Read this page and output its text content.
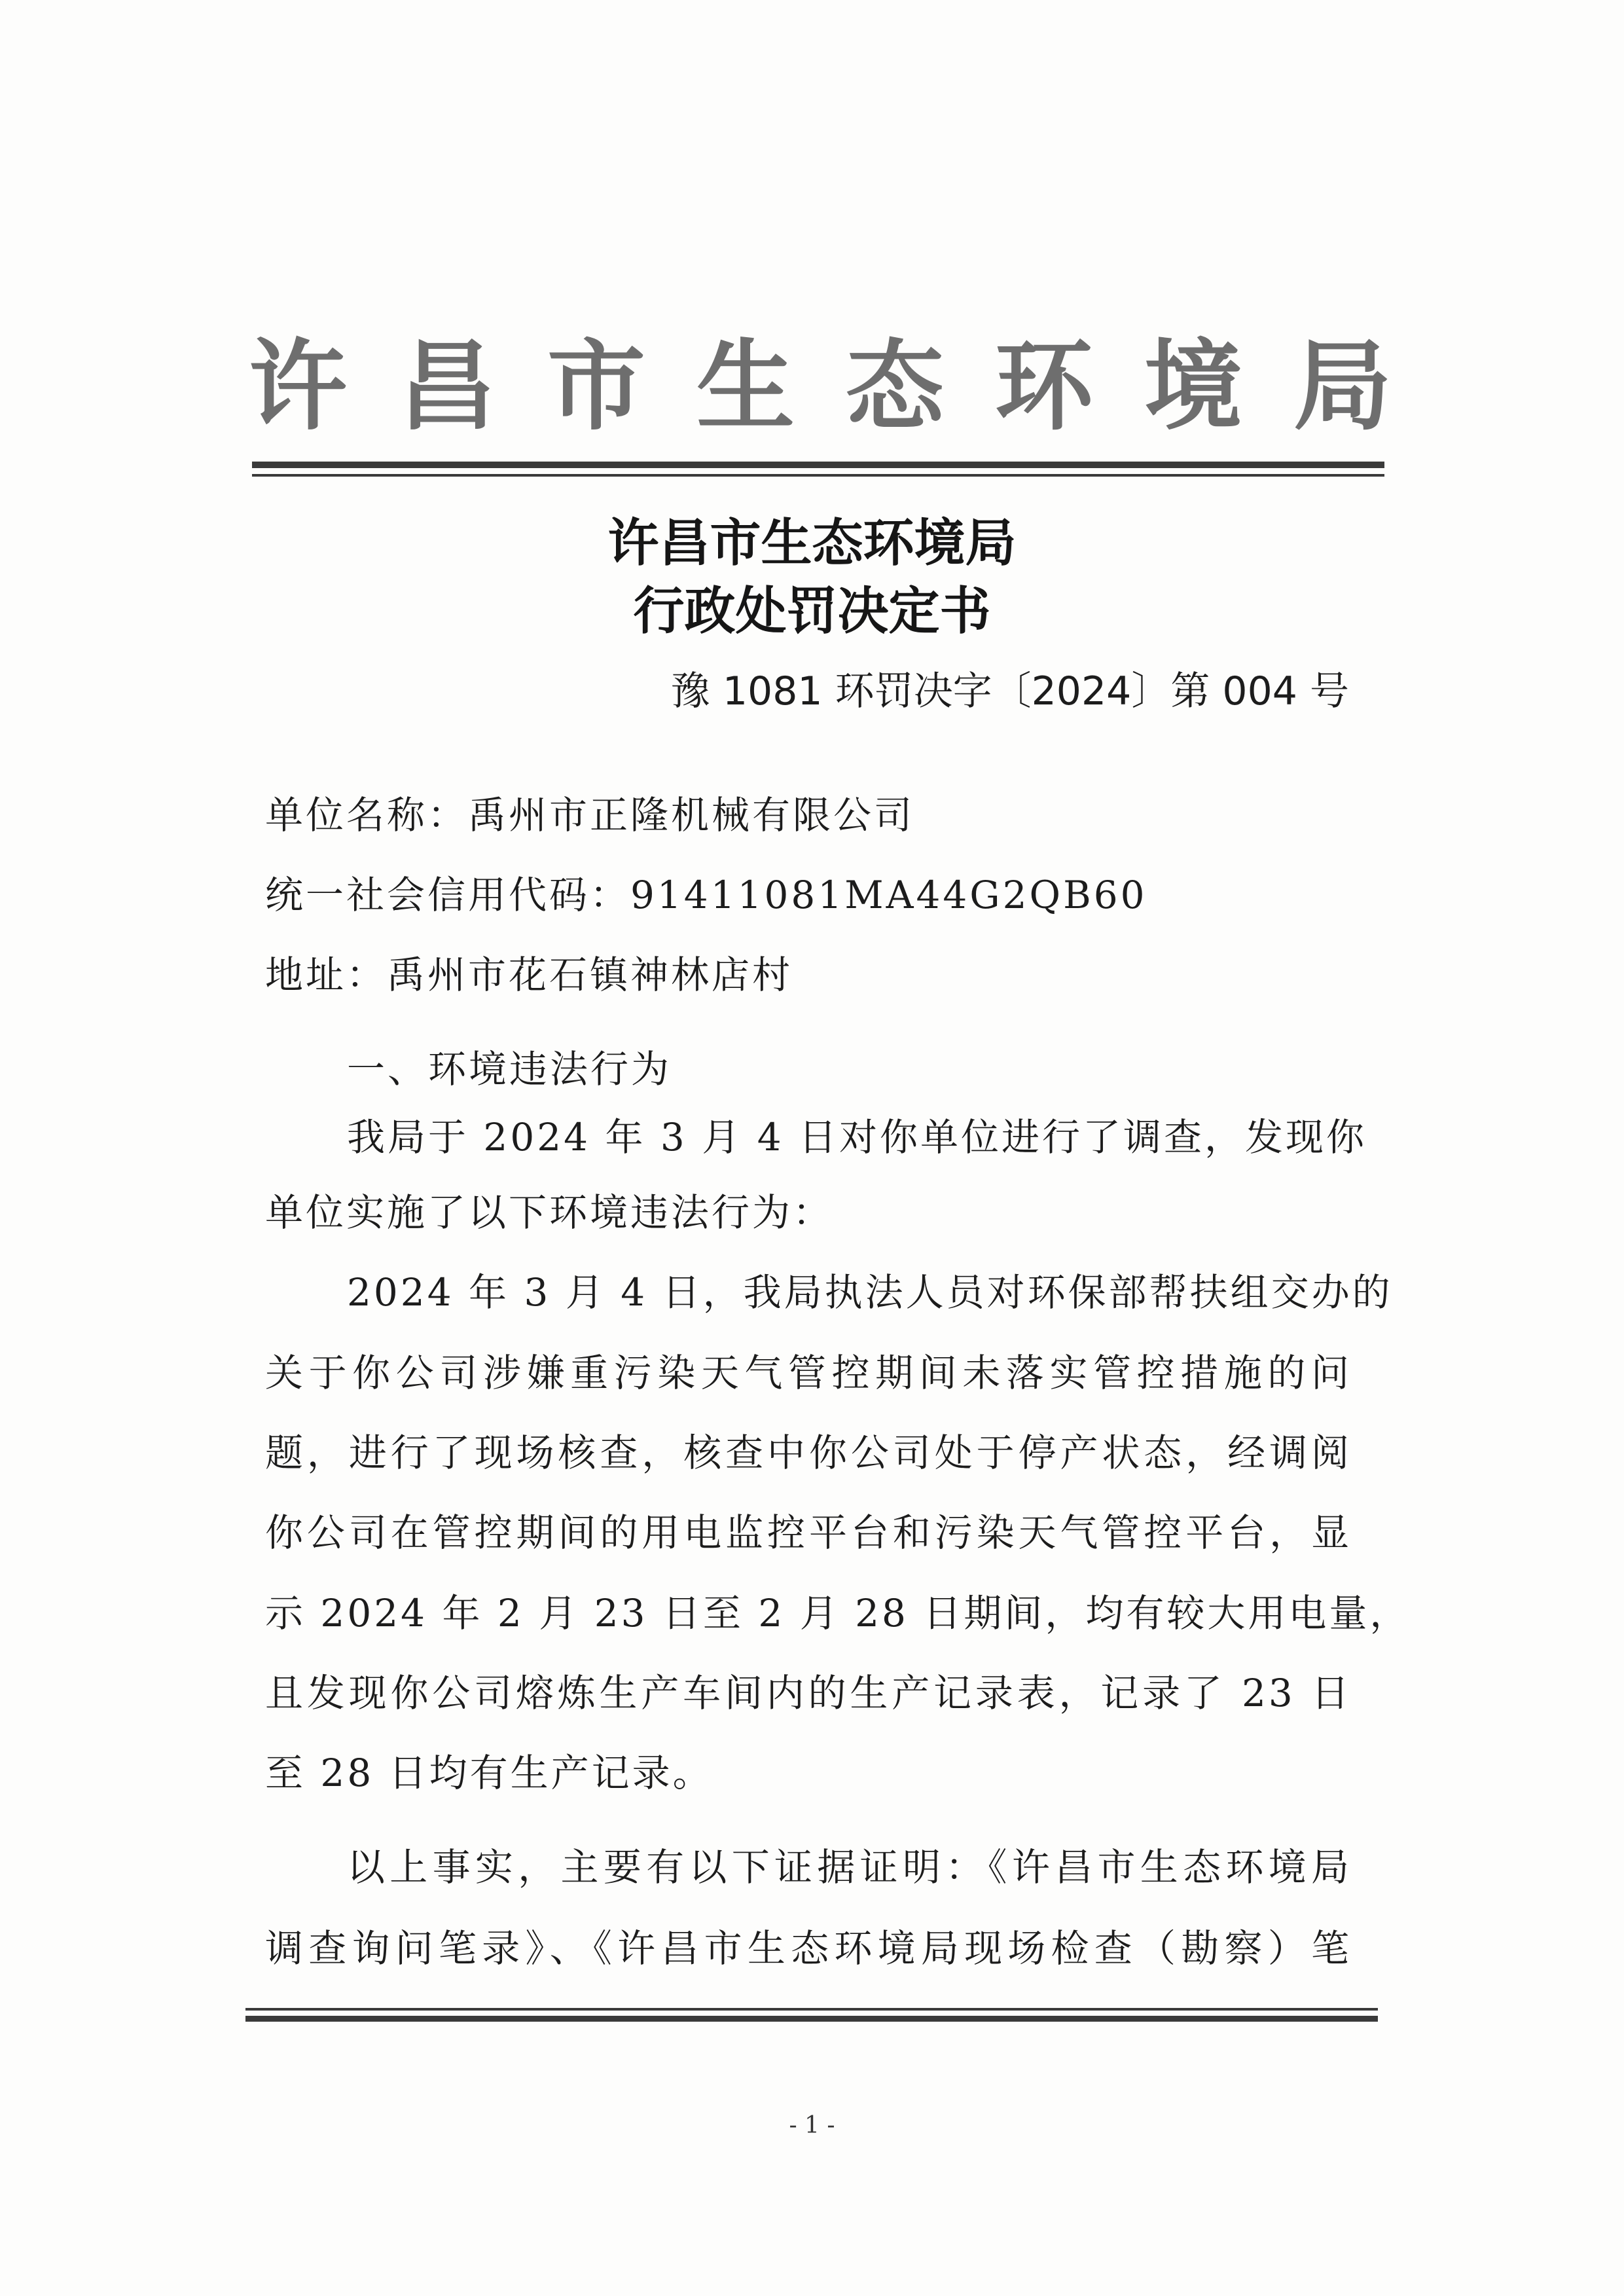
许昌市生态环境局
许昌市生态环境局
行政处罚决定书
豫 1081 环罚决字〔2024〕第 004 号
单位名称：禹州市正隆机械有限公司
统一社会信用代码：91411081MA44G2QB60
地址：禹州市花石镇神林店村
一、环境违法行为
我局于 2024 年 3 月 4 日对你单位进行了调查，发现你
单位实施了以下环境违法行为：
2024 年 3 月 4 日，我局执法人员对环保部帮扶组交办的
关于你公司涉嫌重污染天气管控期间未落实管控措施的问
题，进行了现场核查，核查中你公司处于停产状态，经调阅
你公司在管控期间的用电监控平台和污染天气管控平台，显
示 2024 年 2 月 23 日至 2 月 28 日期间，均有较大用电量，
且发现你公司熔炼生产车间内的生产记录表，记录了 23 日
至 28 日均有生产记录。
以上事实，主要有以下证据证明：《许昌市生态环境局
调查询问笔录》、《许昌市生态环境局现场检查（勘察）笔
- 1 -
